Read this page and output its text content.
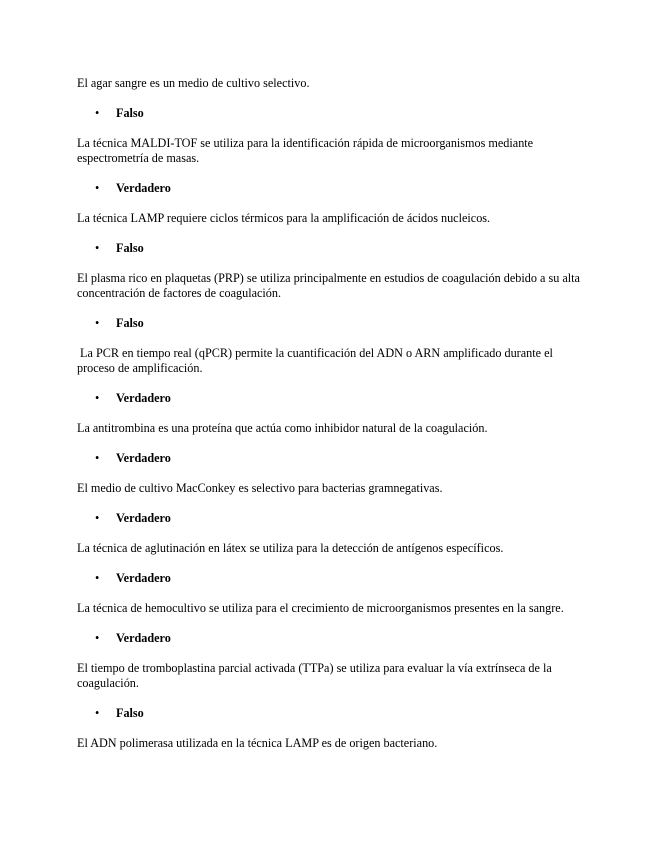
El agar sangre es un medio de cultivo selectivo.

• Falso

La técnica MALDI-TOF se utiliza para la identificación rápida de microorganismos mediante espectrometría de masas.

• Verdadero

La técnica LAMP requiere ciclos térmicos para la amplificación de ácidos nucleicos.

• Falso

El plasma rico en plaquetas (PRP) se utiliza principalmente en estudios de coagulación debido a su alta concentración de factores de coagulación.

• Falso

La PCR en tiempo real (qPCR) permite la cuantificación del ADN o ARN amplificado durante el proceso de amplificación.

• Verdadero

La antitrombina es una proteína que actúa como inhibidor natural de la coagulación.

• Verdadero

El medio de cultivo MacConkey es selectivo para bacterias gramnegativas.

• Verdadero

La técnica de aglutinación en látex se utiliza para la detección de antígenos específicos.

• Verdadero

La técnica de hemocultivo se utiliza para el crecimiento de microorganismos presentes en la sangre.

• Verdadero

El tiempo de tromboplastina parcial activada (TTPa) se utiliza para evaluar la vía extrínseca de la coagulación.

• Falso

El ADN polimerasa utilizada en la técnica LAMP es de origen bacteriano.
